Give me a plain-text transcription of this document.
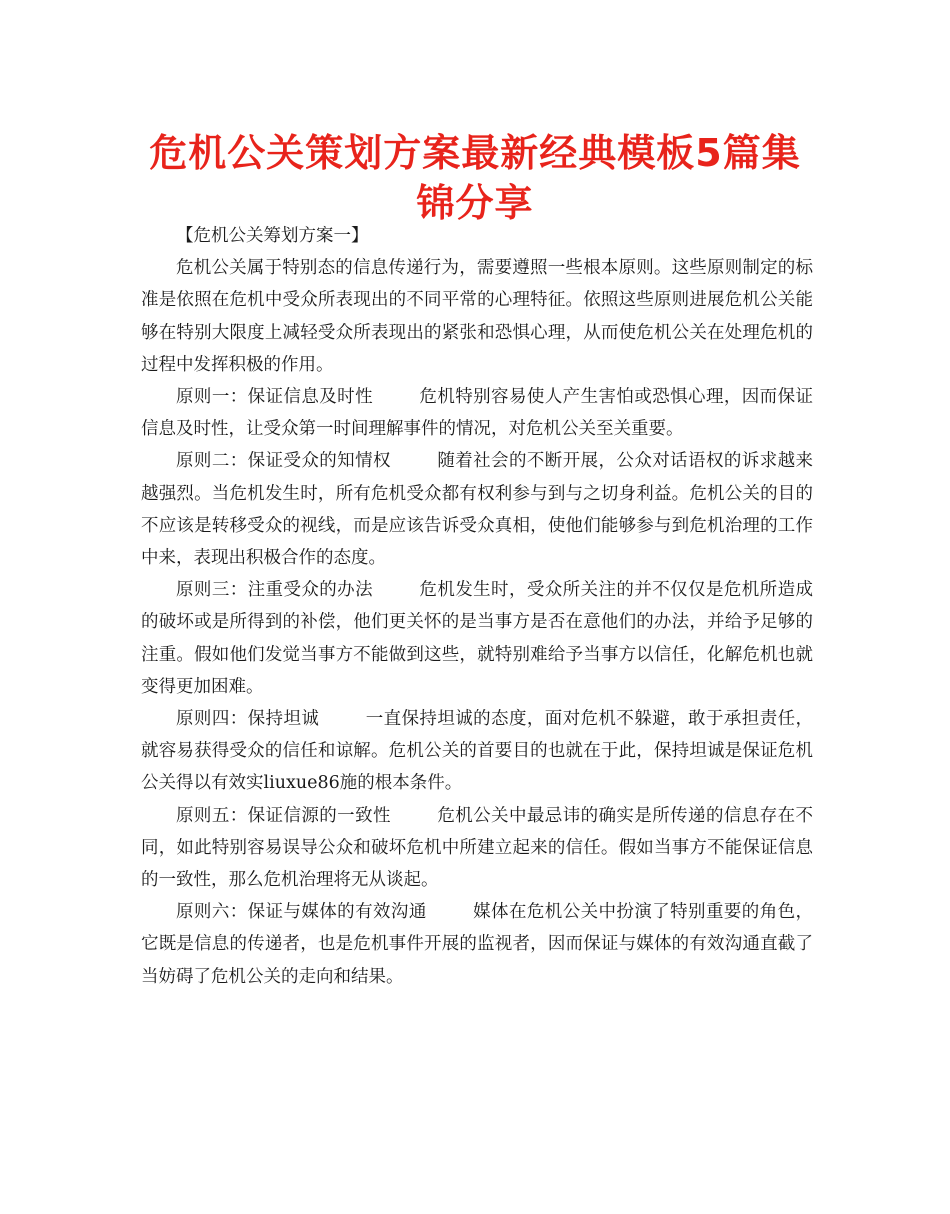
危机公关策划方案最新经典模板5篇集锦分享

【危机公关筹划方案一】

危机公关属于特别态的信息传递行为，需要遵照一些根本原则。这些原则制定的标准是依照在危机中受众所表现出的不同平常的心理特征。依照这些原则进展危机公关能够在特别大限度上减轻受众所表现出的紧张和恐惧心理，从而使危机公关在处理危机的过程中发挥积极的作用。

原则一：保证信息及时性	危机特别容易使人产生害怕或恐惧心理，因而保证信息及时性，让受众第一时间理解事件的情况，对危机公关至关重要。

原则二：保证受众的知情权	随着社会的不断开展，公众对话语权的诉求越来越强烈。当危机发生时，所有危机受众都有权利参与到与之切身利益。危机公关的目的不应该是转移受众的视线，而是应该告诉受众真相，使他们能够参与到危机治理的工作中来，表现出积极合作的态度。

原则三：注重受众的办法	危机发生时，受众所关注的并不仅仅是危机所造成的破坏或是所得到的补偿，他们更关怀的是当事方是否在意他们的办法，并给予足够的注重。假如他们发觉当事方不能做到这些，就特别难给予当事方以信任，化解危机也就变得更加困难。

原则四：保持坦诚	一直保持坦诚的态度，面对危机不躲避，敢于承担责任，就容易获得受众的信任和谅解。危机公关的首要目的也就在于此，保持坦诚是保证危机公关得以有效实liuxue86施的根本条件。

原则五：保证信源的一致性	危机公关中最忌讳的确实是所传递的信息存在不同，如此特别容易误导公众和破坏危机中所建立起来的信任。假如当事方不能保证信息的一致性，那么危机治理将无从谈起。

原则六：保证与媒体的有效沟通	媒体在危机公关中扮演了特别重要的角色，它既是信息的传递者，也是危机事件开展的监视者，因而保证与媒体的有效沟通直截了当妨碍了危机公关的走向和结果。
